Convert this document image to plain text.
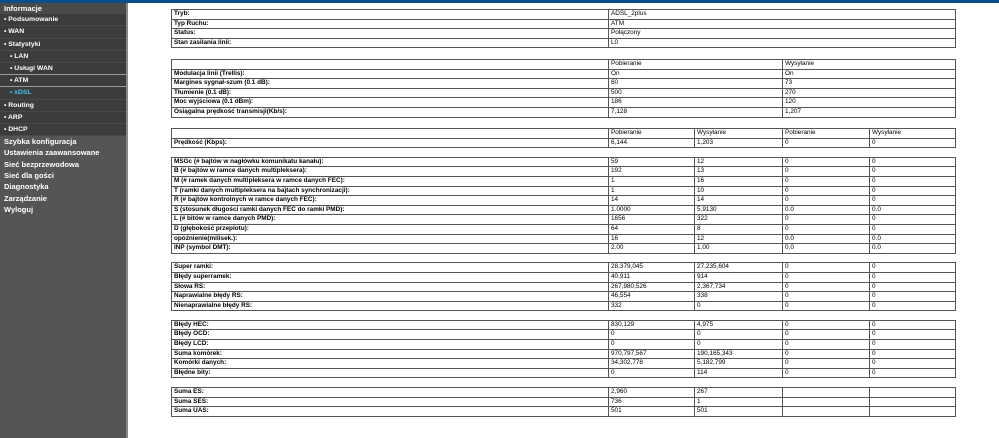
Informacje
• Podsumowanie
• WAN
• Statystyki
• LAN
• Usługi WAN
• ATM
• xDSL
• Routing
• ARP
• DHCP
Szybka konfiguracja
Ustawienia zaawansowane
Sieć bezprzewodowa
Sieć dla gości
Diagnostyka
Zarządzanie
Wyloguj
Tryb:	ADSL_2plus
Typ Ruchu:	ATM
Status:	Połączony
Stan zasilania linii:	L0
	Pobieranie	Wysyłanie
Modulacja linii (Trellis):	On	On
Margines sygnał-szum (0.1 dB):	60	73
Tłumienie (0.1 dB):	500	270
Moc wyjściowa (0.1 dBm):	186	120
Osiągalna prędkość transmisji(Kb/s):	7,128	1,207
	Pobieranie	Wysyłanie	Pobieranie	Wysyłanie
Prędkość (Kbps):	6,144	1,203	0	0

MSGc (# bajtów w nagłówku komunikatu kanału):	59	12	0	0
B (# bajtów w ramce danych multipleksera):	192	13	0	0
M (# ramek danych multipleksera w ramce danych FEC):	1	16	0	0
T (ramki danych multipleksera na bajtach synchronizacji):	1	10	0	0
R (# bajtów kontrolnych w ramce danych FEC):	14	14	0	0
S (stosunek długości ramki danych FEC do ramki PMD):	1.0000	5.9130	0.0	0.0
L (# bitów w ramce danych PMD):	1656	322	0	0
D (głębokość przeplotu):	64	8	0	0
opóźnienie(milisek.):	16	12	0.0	0.0
INP (symbol DMT):	2.00	1.00	0.0	0.0

Super ramki:	28,379,045	27,235,604	0	0
Błędy superramek:	40,911	914	0	0
Słowa RS:	267,980,526	2,367,734	0	0
Naprawialne błędy RS:	46,554	338	0	0
Nienaprawialne błędy RS:	332	0	0	0

Błędy HEC:	830,129	4,975	0	0
Błędy OCD:	0	0	0	0
Błędy LCD:	0	0	0	0
Suma komórek:	970,797,567	190,165,343	0	0
Komórki danych:	34,302,778	5,182,799	0	0
Błędne bity:	0	114	0	0

Suma ES:	2,960	267		
Suma SES:	736	1		
Suma UAS:	501	501		
